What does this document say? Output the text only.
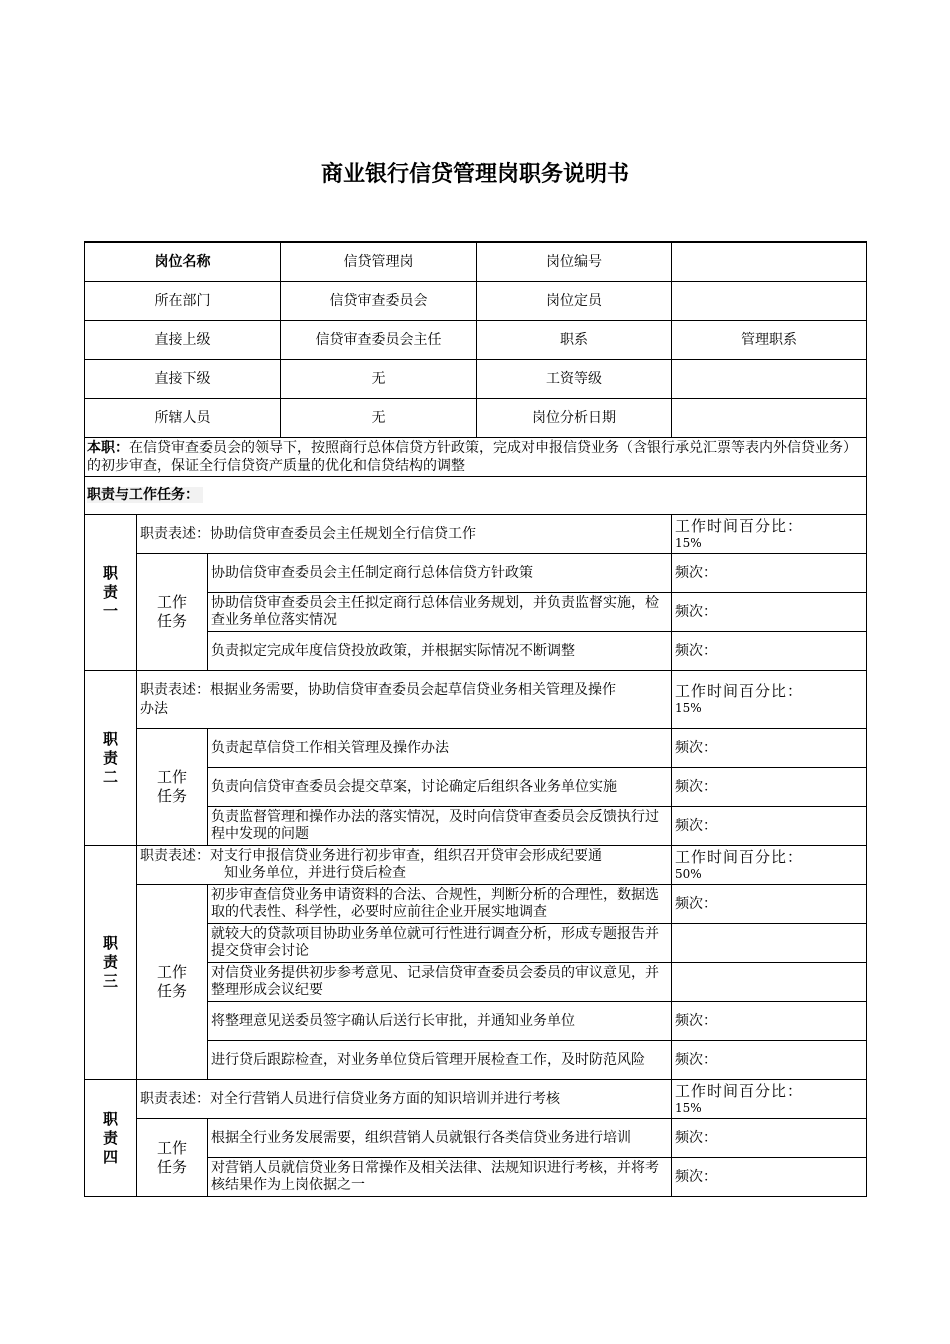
商业银行信贷管理岗职务说明书
岗位名称			信贷管理岗	岗位编号	
所在部门			信贷审查委员会	岗位定员	
直接上级			信贷审查委员会主任	职系	管理职系
直接下级			无	工资等级	
所辖人员			无	岗位分析日期	
本职：在信贷审查委员会的领导下，按照商行总体信贷方针政策，完成对申报信贷业务（含银行承兑汇票等表内外信贷业务）的初步审查，保证全行信贷资产质量的优化和信贷结构的调整					
职责与工作任务：					
职
责
一	职责表述：协助信贷审查委员会主任规划全行信贷工作				工作时间百分比：
15%
	工作
任务	协助信贷审查委员会主任制定商行总体信贷方针政策			频次：
		协助信贷审查委员会主任拟定商行总体信业务规划，并负责监督实施，检查业务单位落实情况			频次：
		负责拟定完成年度信贷投放政策，并根据实际情况不断调整			频次：
职
责
二	职责表述：根据业务需要，协助信贷审查委员会起草信贷业务相关管理及操作
办法				工作时间百分比：
15%
	工作
任务	负责起草信贷工作相关管理及操作办法			频次：
		负责向信贷审查委员会提交草案，讨论确定后组织各业务单位实施			频次：
		负责监督管理和操作办法的落实情况，及时向信贷审查委员会反馈执行过程中发现的问题			频次：
职
责
三	职责表述：对支行申报信贷业务进行初步审查，组织召开贷审会形成纪要通
知业务单位，并进行贷后检查				工作时间百分比：
50%
	工作
任务	初步审查信贷业务申请资料的合法、合规性，判断分析的合理性，数据选取的代表性、科学性，必要时应前往企业开展实地调查			频次：
		就较大的贷款项目协助业务单位就可行性进行调查分析，形成专题报告并提交贷审会讨论			
		对信贷业务提供初步参考意见、记录信贷审查委员会委员的审议意见，并整理形成会议纪要			
		将整理意见送委员签字确认后送行长审批，并通知业务单位			频次：
		进行贷后跟踪检查，对业务单位贷后管理开展检查工作，及时防范风险			频次：
职
责
四	职责表述：对全行营销人员进行信贷业务方面的知识培训并进行考核				工作时间百分比：
15%
	工作
任务	根据全行业务发展需要，组织营销人员就银行各类信贷业务进行培训			频次：
		对营销人员就信贷业务日常操作及相关法律、法规知识进行考核，并将考核结果作为上岗依据之一			频次：
